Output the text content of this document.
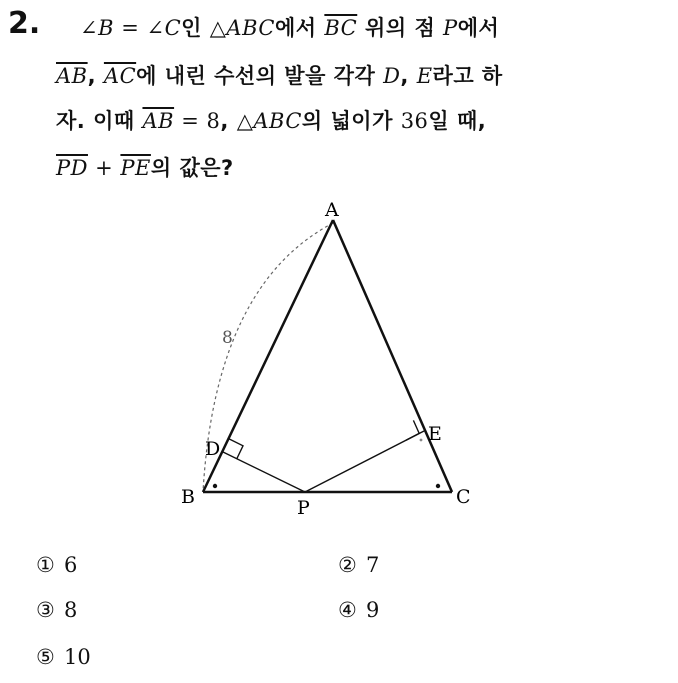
2. ∠B = ∠C인 △ABC에서 $\overline{BC}$ 위의 점 P에서
$\overline{AB}$, $\overline{AC}$에 내린 수선의 발을 각각 D, E라고 하
자. 이때 $\overline{AB} = 8$, △ABC의 넓이가 36일 때,
$\overline{PD} + \overline{PE}$의 값은?
A
B	C
D
E
P
8
① 6	② 7
③ 8	④ 9
⑤ 10
